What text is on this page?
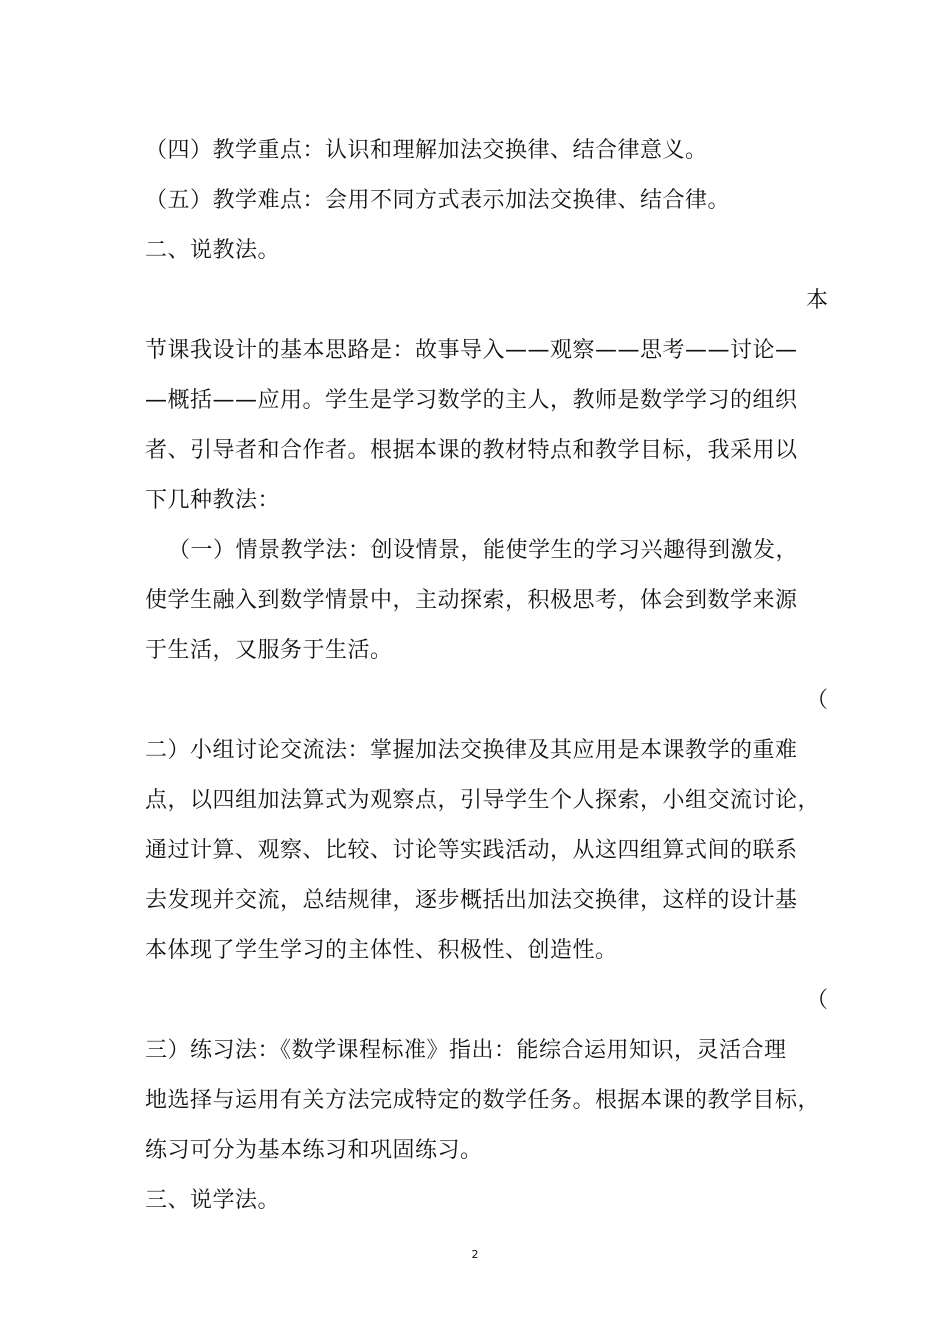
（四）教学重点：认识和理解加法交换律、结合律意义。
（五）教学难点：会用不同方式表示加法交换律、结合律。
二、说教法。
本
节课我设计的基本思路是：故事导入——观察——思考——讨论—
—概括——应用。学生是学习数学的主人，教师是数学学习的组织
者、引导者和合作者。根据本课的教材特点和教学目标，我采用以
下几种教法：
（一）情景教学法：创设情景，能使学生的学习兴趣得到激发，
使学生融入到数学情景中，主动探索，积极思考，体会到数学来源
于生活，又服务于生活。
（
二）小组讨论交流法：掌握加法交换律及其应用是本课教学的重难
点，以四组加法算式为观察点，引导学生个人探索，小组交流讨论，
通过计算、观察、比较、讨论等实践活动，从这四组算式间的联系
去发现并交流，总结规律，逐步概括出加法交换律，这样的设计基
本体现了学生学习的主体性、积极性、创造性。
（
三）练习法：《数学课程标准》指出：能综合运用知识，灵活合理
地选择与运用有关方法完成特定的数学任务。根据本课的教学目标，
练习可分为基本练习和巩固练习。
三、说学法。
2
